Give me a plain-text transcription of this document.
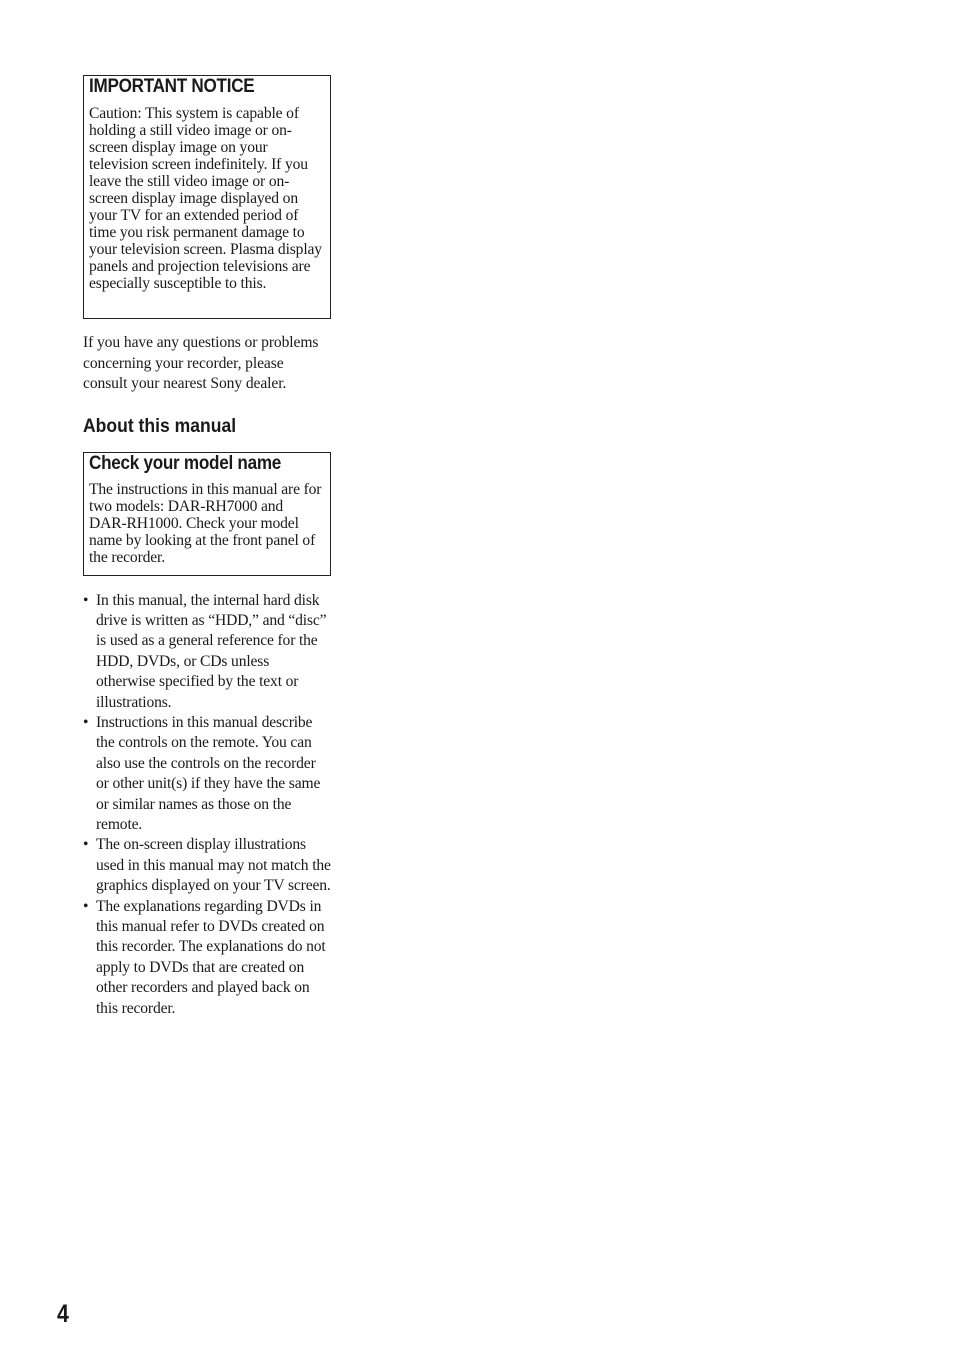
IMPORTANT NOTICE

Caution: This system is capable of holding a still video image or on-screen display image on your television screen indefinitely. If you leave the still video image or on-screen display image displayed on your TV for an extended period of time you risk permanent damage to your television screen. Plasma display panels and projection televisions are especially susceptible to this.

If you have any questions or problems concerning your recorder, please consult your nearest Sony dealer.

About this manual
Check your model name

The instructions in this manual are for two models: DAR-RH7000 and DAR-RH1000. Check your model name by looking at the front panel of the recorder.

• In this manual, the internal hard disk drive is written as “HDD,” and “disc” is used as a general reference for the HDD, DVDs, or CDs unless otherwise specified by the text or illustrations.
• Instructions in this manual describe the controls on the remote. You can also use the controls on the recorder or other unit(s) if they have the same or similar names as those on the remote.
• The on-screen display illustrations used in this manual may not match the graphics displayed on your TV screen.
• The explanations regarding DVDs in this manual refer to DVDs created on this recorder. The explanations do not apply to DVDs that are created on other recorders and played back on this recorder.
4
